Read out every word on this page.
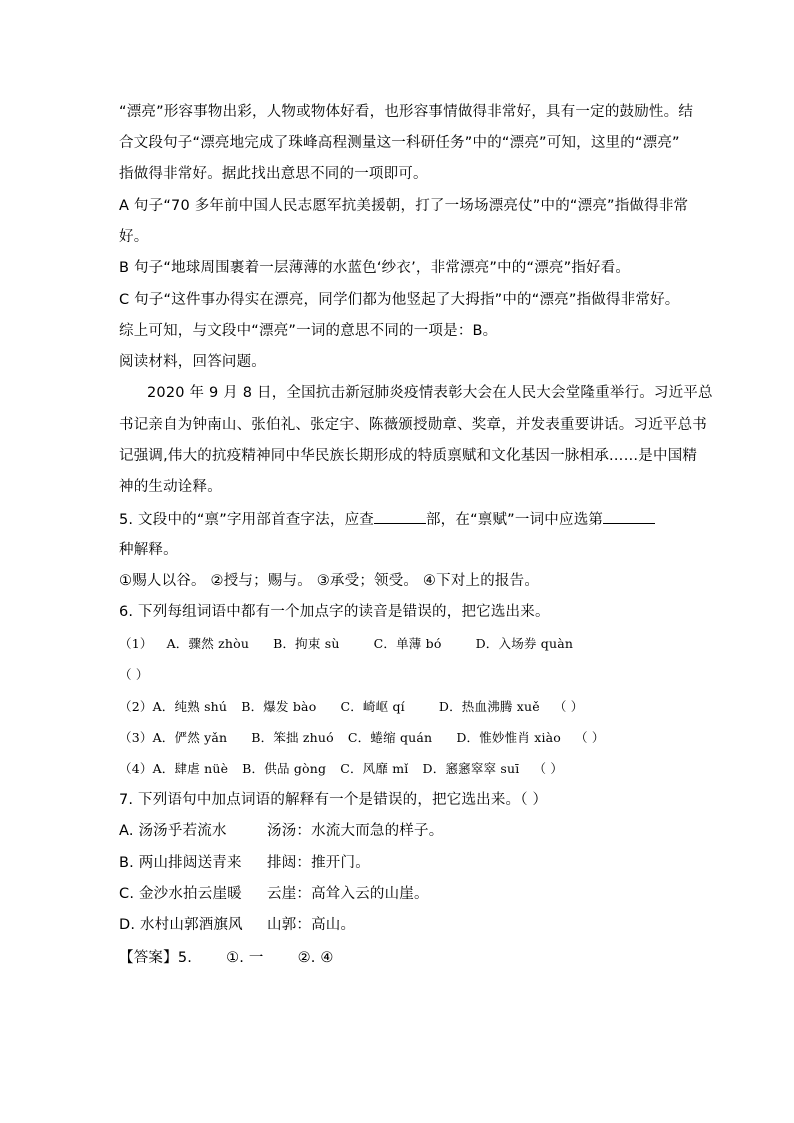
“漂亮”形容事物出彩，人物或物体好看，也形容事情做得非常好，具有一定的鼓励性。结
合文段句子“漂亮地完成了珠峰高程测量这一科研任务”中的“漂亮”可知，这里的“漂亮”
指做得非常好。据此找出意思不同的一项即可。
A 句子“70 多年前中国人民志愿军抗美援朝，打了一场场漂亮仗”中的“漂亮”指做得非常
好。
B 句子“地球周围裹着一层薄薄的水蓝色‘纱衣’，非常漂亮”中的“漂亮”指好看。
C 句子“这件事办得实在漂亮，同学们都为他竖起了大拇指”中的“漂亮”指做得非常好。
综上可知，与文段中“漂亮”一词的意思不同的一项是：B。
阅读材料，回答问题。
2020 年 9 月 8 日，全国抗击新冠肺炎疫情表彰大会在人民大会堂隆重举行。习近平总
书记亲自为钟南山、张伯礼、张定宇、陈薇颁授勋章、奖章，并发表重要讲话。习近平总书
记强调,伟大的抗疫精神同中华民族长期形成的特质禀赋和文化基因一脉相承……是中国精
神的生动诠释。
5. 文段中的“禀”字用部首查字法，应查	部，在“禀赋”一词中应选第
种解释。
①赐人以谷。 ②授与；赐与。 ③承受；领受。 ④下对上的报告。
6. 下列每组词语中都有一个加点字的读音是错误的，把它选出来。
（1） A．骤然 zhòu B．拘束 sù	C．单薄 bó	D．入场券 quàn
（ ）
（2）A．纯熟 shú B．爆发 bào C．崎岖 qí	D．热血沸腾 xuě （ ）
（3）A．俨然 yǎn B．笨拙 zhuó C．蜷缩 quán D．惟妙惟肖 xiào （ ）
（4）A．肆虐 nüè B．供品 gòng C．风靡 mǐ D．窸窸窣窣 suī （ ）
7. 下列语句中加点词语的解释有一个是错误的，把它选出来。（ ）
A. 汤汤乎若流水	汤汤：水流大而急的样子。
B. 两山排闼送青来 排闼：推开门。
C. 金沙水拍云崖暖 云崖：高耸入云的山崖。
D. 水村山郭酒旗风 山郭：高山。
【答案】5. ①. 一 ②. ④
